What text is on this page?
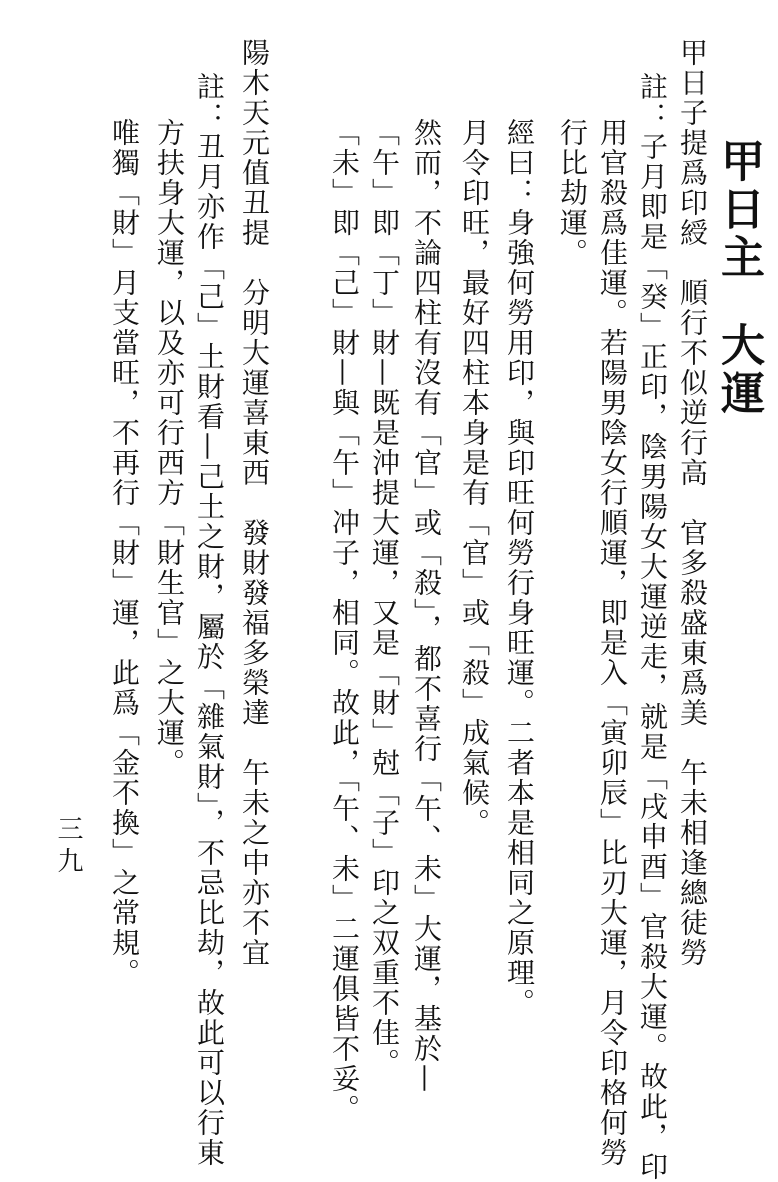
甲日主大運
甲日子提爲印綬　順行不似逆行高　官多殺盛東爲美　午未相逢總徒勞
註：子月即是「癸」正印，陰男陽女大運逆走，就是「戌申酉」官殺大運。故此，印
用官殺爲佳運。若陽男陰女行順運，即是入「寅卯辰」比刃大運，月令印格何勞
行比劫運。
經曰：身強何勞用印，與印旺何勞行身旺運。二者本是相同之原理。
月令印旺，最好四柱本身是有「官」或「殺」成氣候。
然而，不論四柱有沒有「官」或「殺」，都不喜行「午、未」大運，基於—
「午」即「丁」財—既是沖提大運，又是「財」尅「子」印之双重不佳。
「未」即「己」財—與「午」冲子，相同。故此，「午、未」二運俱皆不妥。
陽木天元值丑提　分明大運喜東西　發財發福多榮達　午未之中亦不宜
註：丑月亦作「己」土財看—己土之財，屬於「雜氣財」，不忌比劫，故此可以行東
方扶身大運，以及亦可行西方「財生官」之大運。
唯獨「財」月支當旺，不再行「財」運，此爲「金不換」之常規。
三九
